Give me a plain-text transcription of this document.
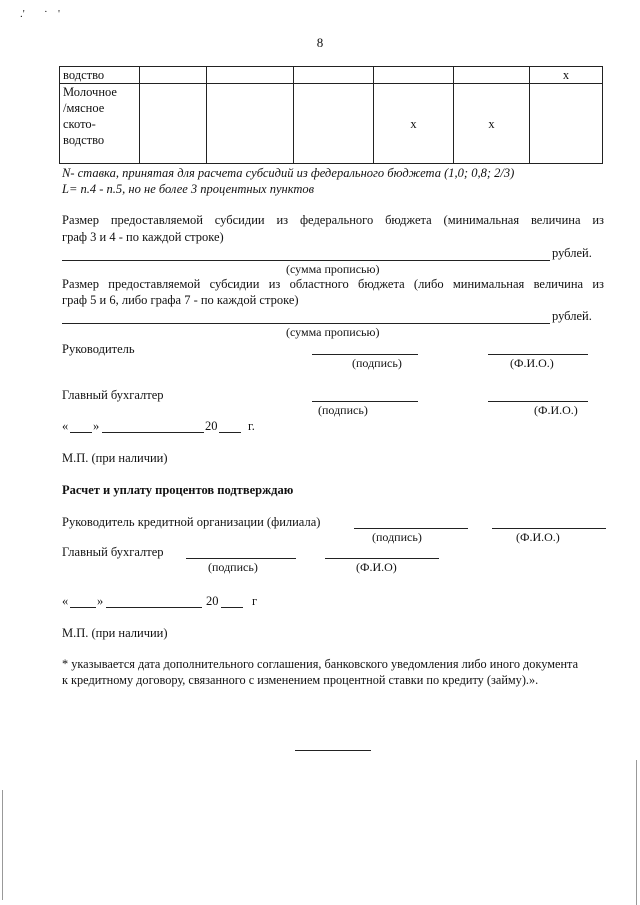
.'	'
·
8
водство						х

Молочное
/мясное
ското-
водство				х	х	
N- ставка, принятая для расчета субсидий из федерального бюджета (1,0; 0,8; 2/3)
L= п.4 - п.5, но не более 3 процентных пунктов
Размер предоставляемой субсидии из федерального бюджета (минимальная величина из
граф 3 и 4 - по каждой строке)
рублей.
(сумма прописью)
Размер предоставляемой субсидии из областного бюджета (либо минимальная величина из
граф 5 и 6, либо графа 7 - по каждой строке)
рублей.
(сумма прописью)
Руководитель
(подпись)	(Ф.И.О.)
Главный бухгалтер
(подпись)	(Ф.И.О.)
« »	20 г.
М.П. (при наличии)
Расчет и уплату процентов подтверждаю
Руководитель кредитной организации (филиала)
(подпись)	(Ф.И.О.)
Главный бухгалтер
(подпись)	(Ф.И.О)
« »	20	г
М.П. (при наличии)
* указывается дата дополнительного соглашения, банковского уведомления либо иного документа
к кредитному договору, связанного с изменением процентной ставки по кредиту (займу).».
